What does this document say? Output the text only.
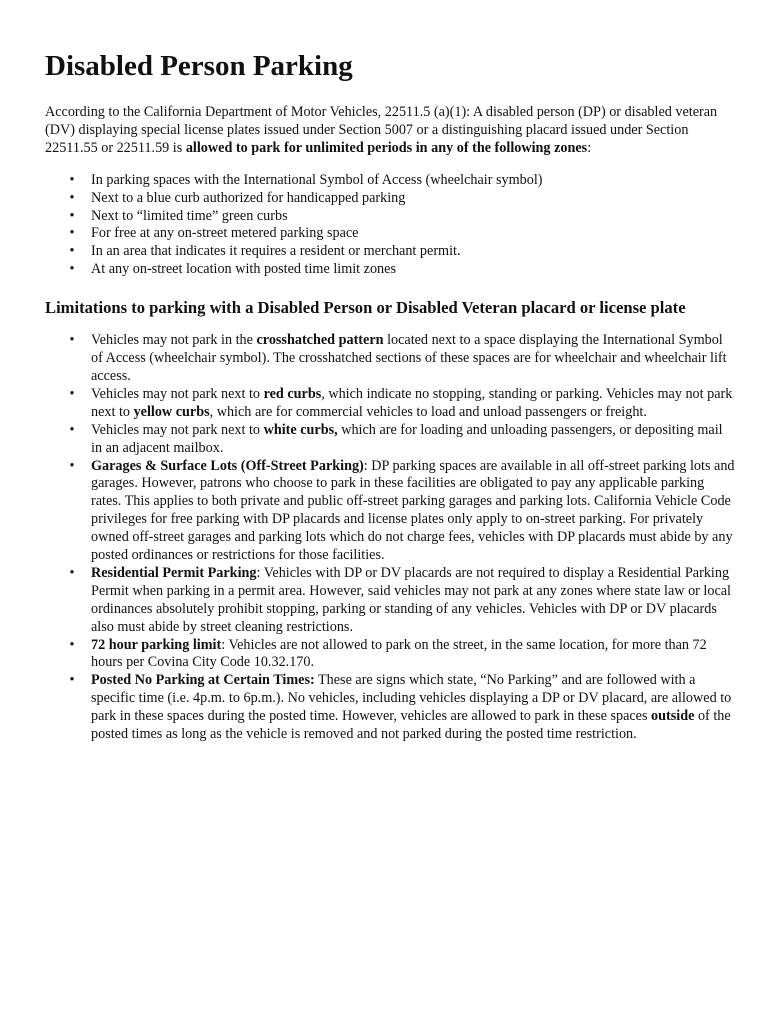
Disabled Person Parking

According to the California Department of Motor Vehicles, 22511.5 (a)(1): A disabled person (DP) or disabled veteran (DV) displaying special license plates issued under Section 5007 or a distinguishing placard issued under Section 22511.55 or 22511.59 is allowed to park for unlimited periods in any of the following zones:

• In parking spaces with the International Symbol of Access (wheelchair symbol)
• Next to a blue curb authorized for handicapped parking
• Next to “limited time” green curbs
• For free at any on-street metered parking space
• In an area that indicates it requires a resident or merchant permit.
• At any on-street location with posted time limit zones
Limitations to parking with a Disabled Person or Disabled Veteran placard or license plate
• Vehicles may not park in the crosshatched pattern located next to a space displaying the International Symbol of Access (wheelchair symbol). The crosshatched sections of these spaces are for wheelchair and wheelchair lift access.
• Vehicles may not park next to red curbs, which indicate no stopping, standing or parking. Vehicles may not park next to yellow curbs, which are for commercial vehicles to load and unload passengers or freight.
• Vehicles may not park next to white curbs, which are for loading and unloading passengers, or depositing mail in an adjacent mailbox.
• Garages & Surface Lots (Off-Street Parking): DP parking spaces are available in all off-street parking lots and garages. However, patrons who choose to park in these facilities are obligated to pay any applicable parking rates. This applies to both private and public off-street parking garages and parking lots. California Vehicle Code privileges for free parking with DP placards and license plates only apply to on-street parking. For privately owned off-street garages and parking lots which do not charge fees, vehicles with DP placards must abide by any posted ordinances or restrictions for those facilities.
• Residential Permit Parking: Vehicles with DP or DV placards are not required to display a Residential Parking Permit when parking in a permit area. However, said vehicles may not park at any zones where state law or local ordinances absolutely prohibit stopping, parking or standing of any vehicles. Vehicles with DP or DV placards also must abide by street cleaning restrictions.
• 72 hour parking limit: Vehicles are not allowed to park on the street, in the same location, for more than 72 hours per Covina City Code 10.32.170.
• Posted No Parking at Certain Times: These are signs which state, “No Parking” and are followed with a specific time (i.e. 4p.m. to 6p.m.). No vehicles, including vehicles displaying a DP or DV placard, are allowed to park in these spaces during the posted time. However, vehicles are allowed to park in these spaces outside of the posted times as long as the vehicle is removed and not parked during the posted time restriction.
